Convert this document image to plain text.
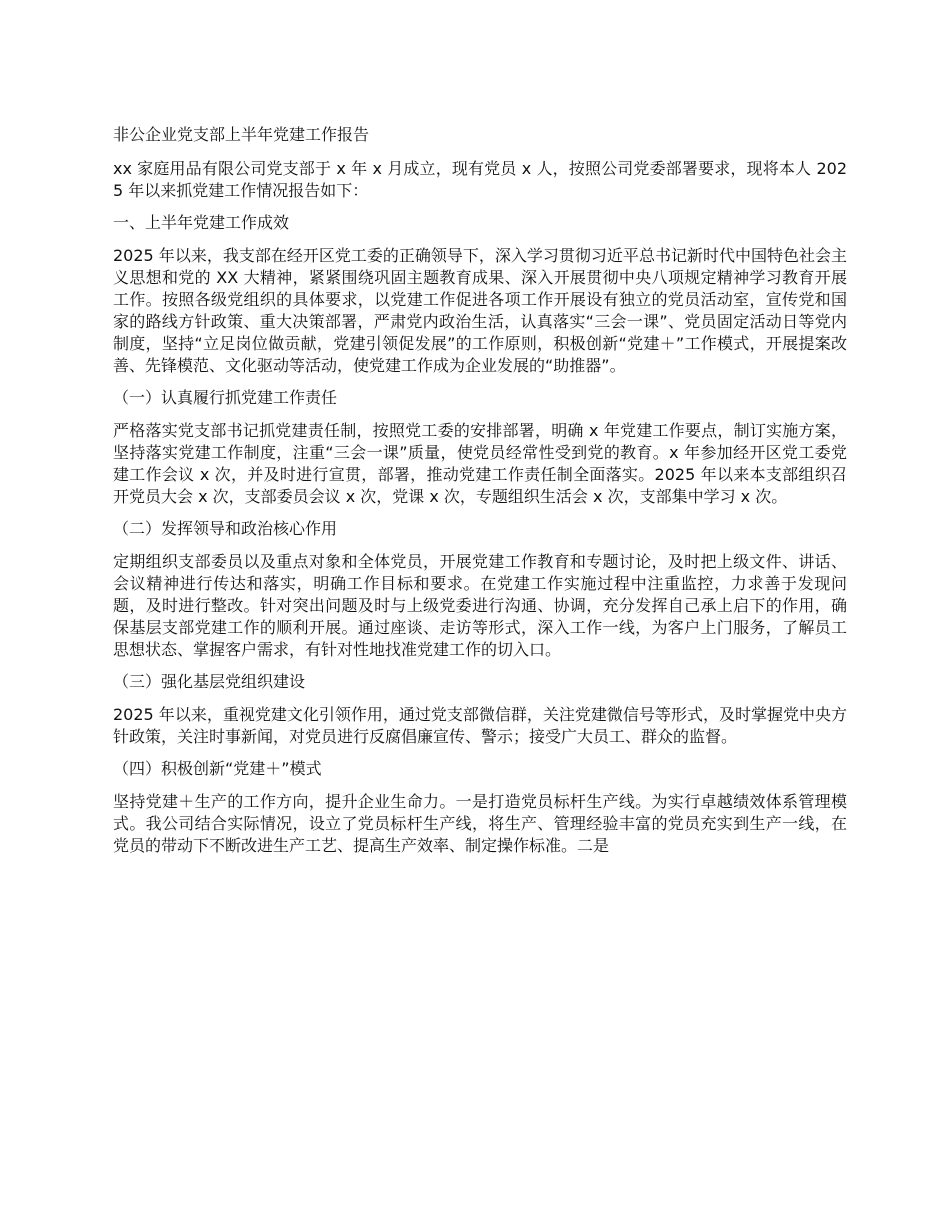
非公企业党支部上半年党建工作报告

xx 家庭用品有限公司党支部于 x 年 x 月成立，现有党员 x 人，按照公司党委部署要求，现将本人 2025 年以来抓党建工作情况报告如下：

一、上半年党建工作成效

2025 年以来，我支部在经开区党工委的正确领导下，深入学习贯彻习近平总书记新时代中国特色社会主义思想和党的 XX 大精神，紧紧围绕巩固主题教育成果、深入开展贯彻中央八项规定精神学习教育开展工作。按照各级党组织的具体要求，以党建工作促进各项工作开展设有独立的党员活动室，宣传党和国家的路线方针政策、重大决策部署，严肃党内政治生活，认真落实“三会一课”、党员固定活动日等党内制度，坚持“立足岗位做贡献，党建引领促发展”的工作原则，积极创新“党建＋”工作模式，开展提案改善、先锋模范、文化驱动等活动，使党建工作成为企业发展的“助推器”。

（一）认真履行抓党建工作责任

严格落实党支部书记抓党建责任制，按照党工委的安排部署，明确 x 年党建工作要点，制订实施方案，坚持落实党建工作制度，注重“三会一课”质量，使党员经常性受到党的教育。x 年参加经开区党工委党建工作会议 x 次，并及时进行宣贯，部署，推动党建工作责任制全面落实。2025 年以来本支部组织召开党员大会 x 次，支部委员会议 x 次，党课 x 次，专题组织生活会 x 次，支部集中学习 x 次。

（二）发挥领导和政治核心作用

定期组织支部委员以及重点对象和全体党员，开展党建工作教育和专题讨论，及时把上级文件、讲话、会议精神进行传达和落实，明确工作目标和要求。在党建工作实施过程中注重监控，力求善于发现问题，及时进行整改。针对突出问题及时与上级党委进行沟通、协调，充分发挥自己承上启下的作用，确保基层支部党建工作的顺利开展。通过座谈、走访等形式，深入工作一线，为客户上门服务，了解员工思想状态、掌握客户需求，有针对性地找准党建工作的切入口。

（三）强化基层党组织建设

2025 年以来，重视党建文化引领作用，通过党支部微信群，关注党建微信号等形式，及时掌握党中央方针政策，关注时事新闻，对党员进行反腐倡廉宣传、警示；接受广大员工、群众的监督。

（四）积极创新“党建＋”模式

坚持党建＋生产的工作方向，提升企业生命力。一是打造党员标杆生产线。为实行卓越绩效体系管理模式。我公司结合实际情况，设立了党员标杆生产线，将生产、管理经验丰富的党员充实到生产一线，在党员的带动下不断改进生产工艺、提高生产效率、制定操作标准。二是
